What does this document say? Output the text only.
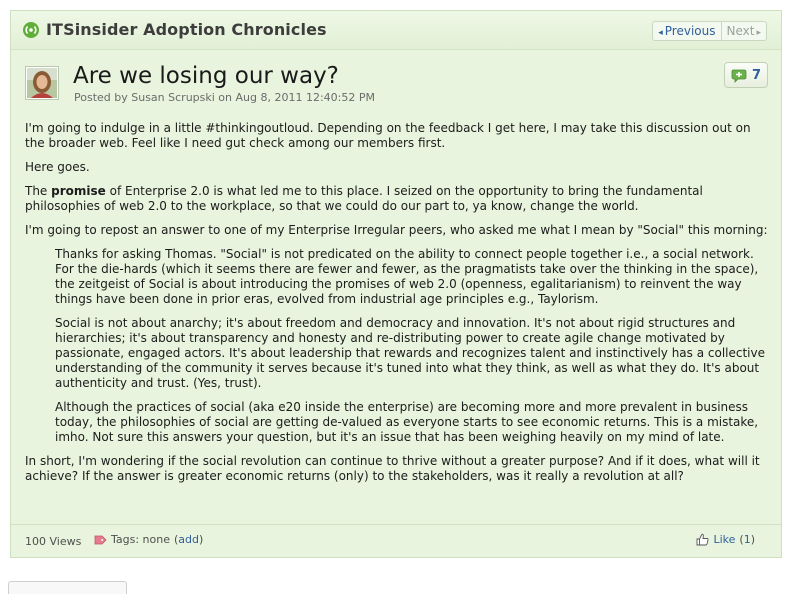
ITSinsider Adoption Chronicles	◂ Previous Next ▸
Are we losing our way?
Posted by Susan Scrupski on Aug 8, 2011 12:40:52 PM
7

I'm going to indulge in a little #thinkingoutloud. Depending on the feedback I get here, I may take this discussion out on the broader web. Feel like I need gut check among our members first.

Here goes.

The promise of Enterprise 2.0 is what led me to this place. I seized on the opportunity to bring the fundamental philosophies of web 2.0 to the workplace, so that we could do our part to, ya know, change the world.

I'm going to repost an answer to one of my Enterprise Irregular peers, who asked me what I mean by "Social" this morning:

Thanks for asking Thomas. "Social" is not predicated on the ability to connect people together i.e., a social network. For the die-hards (which it seems there are fewer and fewer, as the pragmatists take over the thinking in the space), the zeitgeist of Social is about introducing the promises of web 2.0 (openness, egalitarianism) to reinvent the way things have been done in prior eras, evolved from industrial age principles e.g., Taylorism.

Social is not about anarchy; it's about freedom and democracy and innovation. It's not about rigid structures and hierarchies; it's about transparency and honesty and re-distributing power to create agile change motivated by passionate, engaged actors. It's about leadership that rewards and recognizes talent and instinctively has a collective understanding of the community it serves because it's tuned into what they think, as well as what they do. It's about authenticity and trust. (Yes, trust).

Although the practices of social (aka e20 inside the enterprise) are becoming more and more prevalent in business today, the philosophies of social are getting de-valued as everyone starts to see economic returns. This is a mistake, imho. Not sure this answers your question, but it's an issue that has been weighing heavily on my mind of late.

In short, I'm wondering if the social revolution can continue to thrive without a greater purpose? And if it does, what will it achieve? If the answer is greater economic returns (only) to the stakeholders, was it really a revolution at all?

100 Views	Tags: none (add)	Like (1)
